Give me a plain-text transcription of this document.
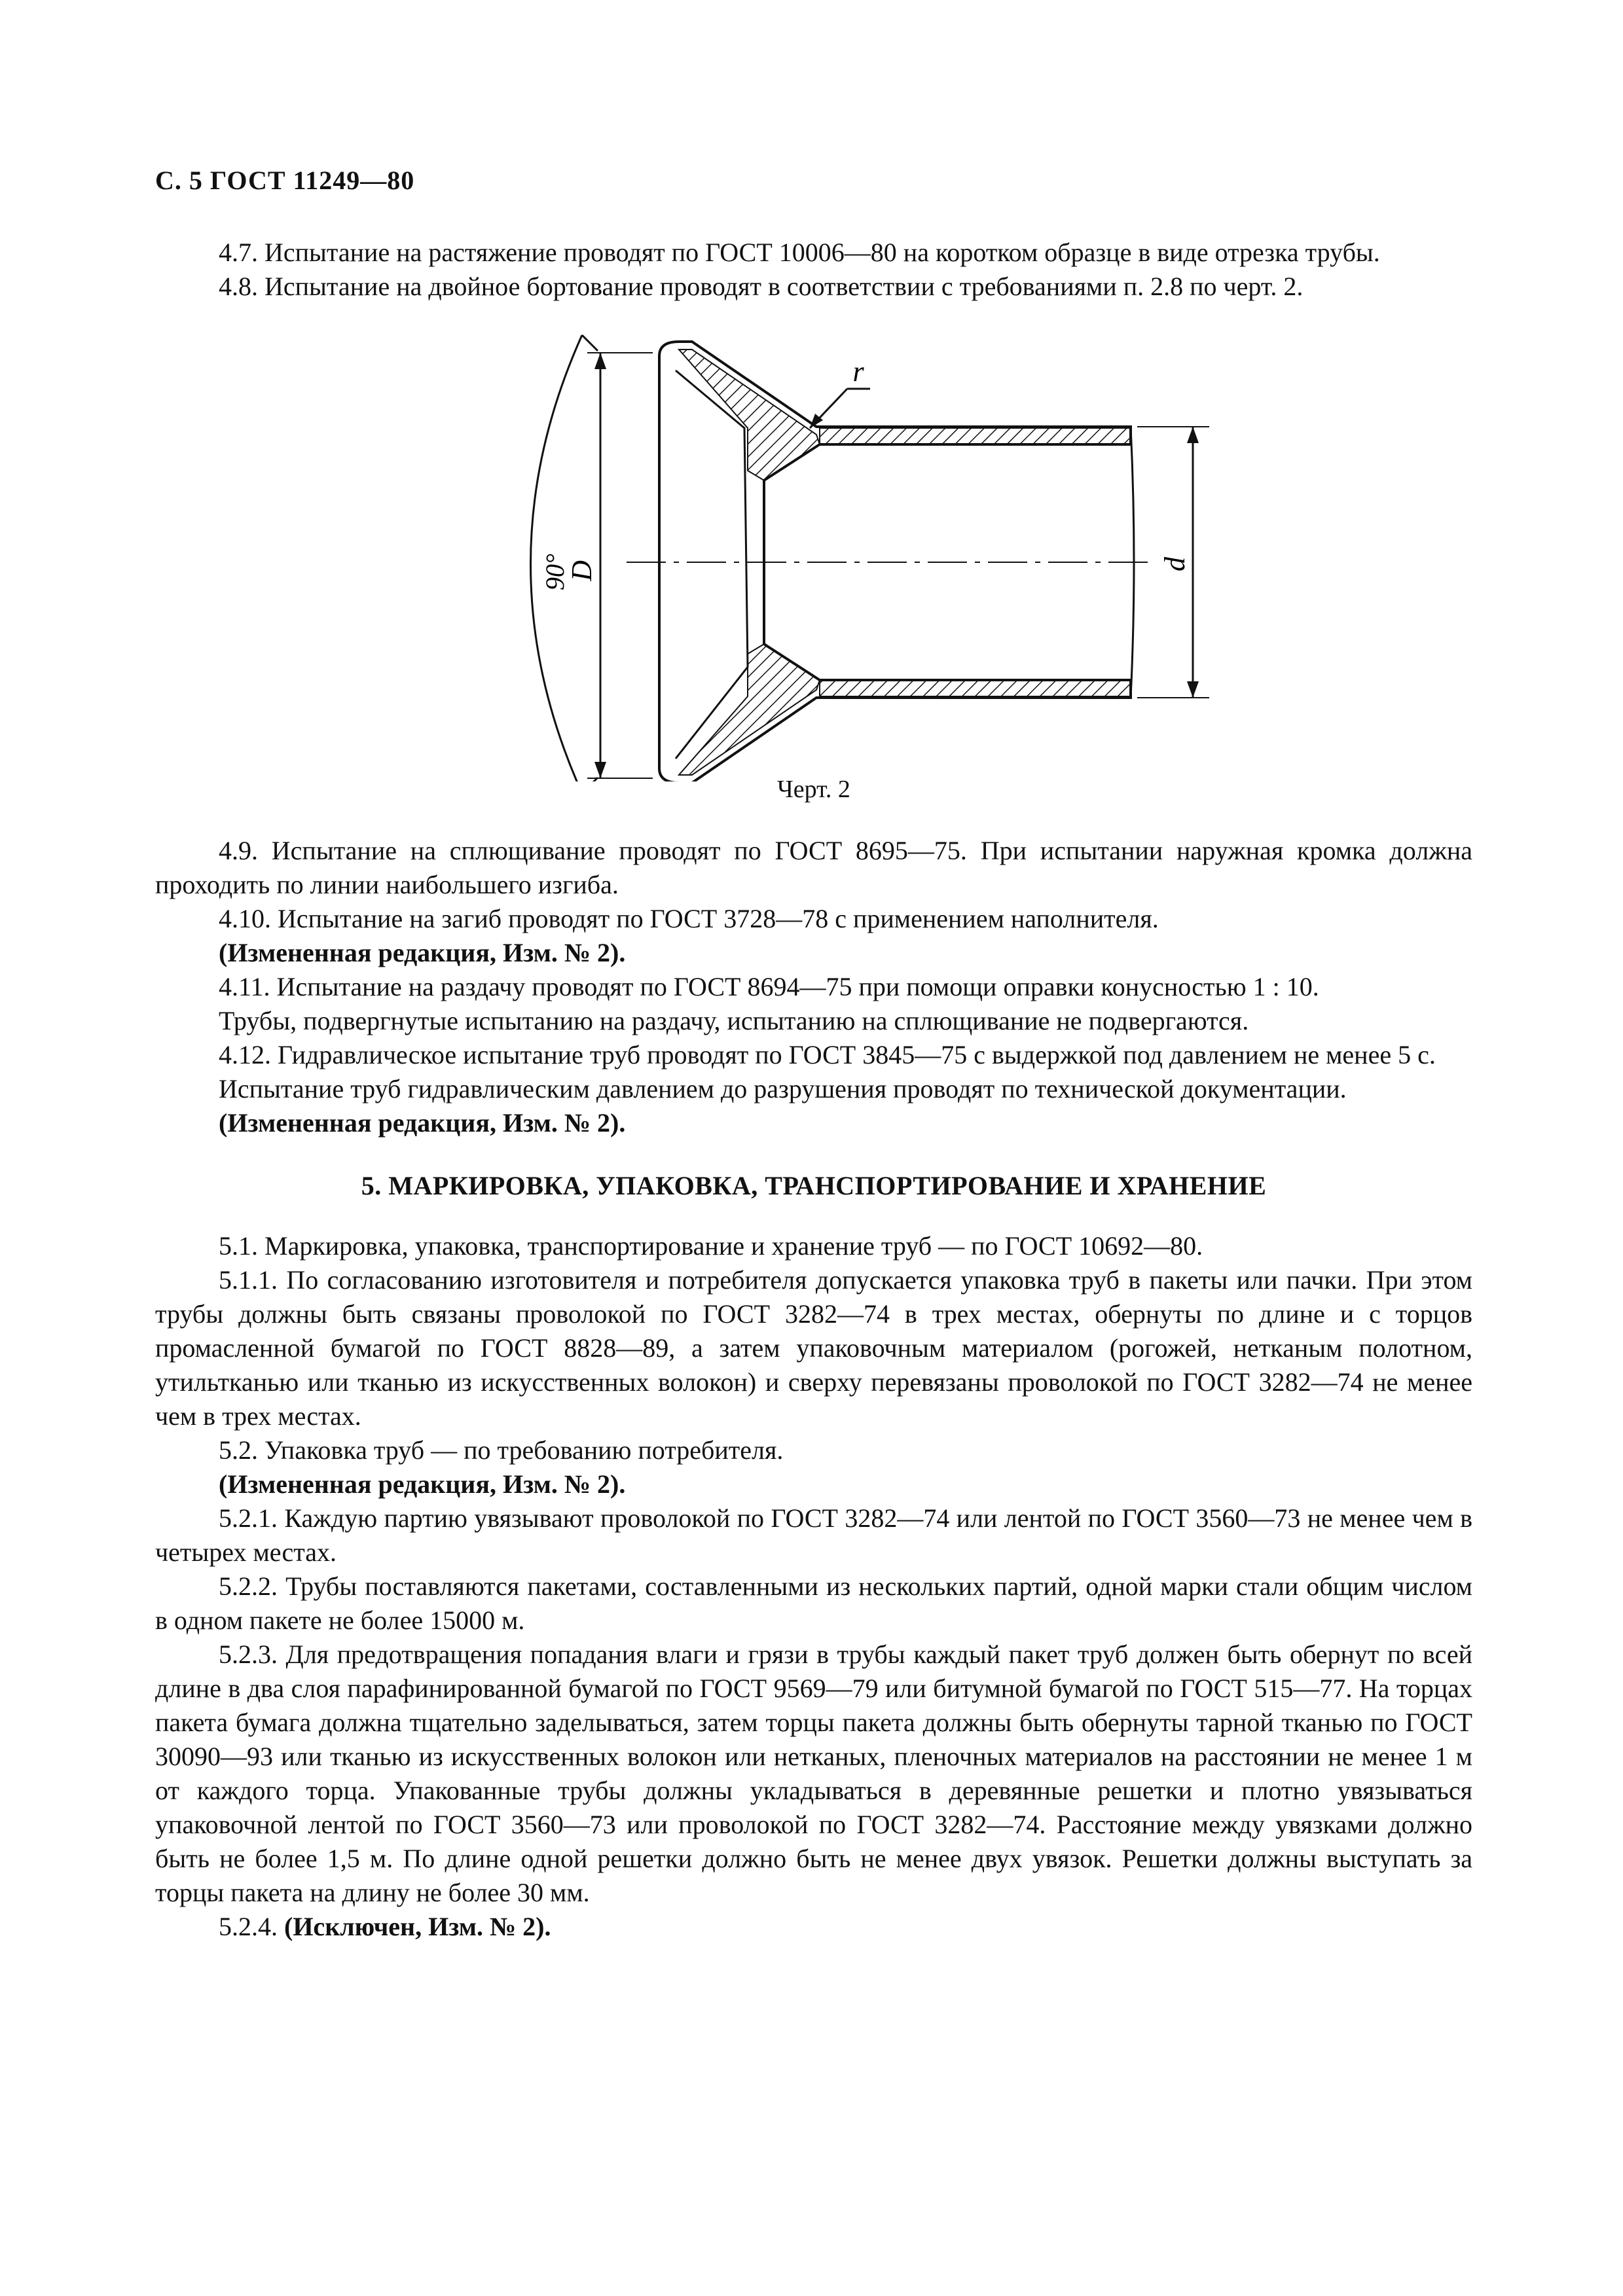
С. 5 ГОСТ 11249—80

4.7. Испытание на растяжение проводят по ГОСТ 10006—80 на коротком образце в виде отрезка трубы.

4.8. Испытание на двойное бортование проводят в соответствии с требованиями п. 2.8 по черт. 2.

90°
D	d
r
Черт. 2

4.9. Испытание на сплющивание проводят по ГОСТ 8695—75. При испытании наружная кромка должна проходить по линии наибольшего изгиба.

4.10. Испытание на загиб проводят по ГОСТ 3728—78 с применением наполнителя.

(Измененная редакция, Изм. № 2).

4.11. Испытание на раздачу проводят по ГОСТ 8694—75 при помощи оправки конусностью 1 : 10.

Трубы, подвергнутые испытанию на раздачу, испытанию на сплющивание не подвергаются.

4.12. Гидравлическое испытание труб проводят по ГОСТ 3845—75 с выдержкой под давлением не менее 5 с.

Испытание труб гидравлическим давлением до разрушения проводят по технической документации.

(Измененная редакция, Изм. № 2).

5. МАРКИРОВКА, УПАКОВКА, ТРАНСПОРТИРОВАНИЕ И ХРАНЕНИЕ

5.1. Маркировка, упаковка, транспортирование и хранение труб — по ГОСТ 10692—80.

5.1.1. По согласованию изготовителя и потребителя допускается упаковка труб в пакеты или пачки. При этом трубы должны быть связаны проволокой по ГОСТ 3282—74 в трех местах, обернуты по длине и с торцов промасленной бумагой по ГОСТ 8828—89, а затем упаковочным материалом (рогожей, нетканым полотном, утильтканью или тканью из искусственных волокон) и сверху перевязаны проволокой по ГОСТ 3282—74 не менее чем в трех местах.

5.2. Упаковка труб — по требованию потребителя.

(Измененная редакция, Изм. № 2).

5.2.1. Каждую партию увязывают проволокой по ГОСТ 3282—74 или лентой по ГОСТ 3560—73 не менее чем в четырех местах.

5.2.2. Трубы поставляются пакетами, составленными из нескольких партий, одной марки стали общим числом в одном пакете не более 15000 м.

5.2.3. Для предотвращения попадания влаги и грязи в трубы каждый пакет труб должен быть обернут по всей длине в два слоя парафинированной бумагой по ГОСТ 9569—79 или битумной бумагой по ГОСТ 515—77. На торцах пакета бумага должна тщательно заделываться, затем торцы пакета должны быть обернуты тарной тканью по ГОСТ 30090—93 или тканью из искусственных волокон или нетканых, пленочных материалов на расстоянии не менее 1 м от каждого торца. Упакованные трубы должны укладываться в деревянные решетки и плотно увязываться упаковочной лентой по ГОСТ 3560—73 или проволокой по ГОСТ 3282—74. Расстояние между увязками должно быть не более 1,5 м. По длине одной решетки должно быть не менее двух увязок. Решетки должны выступать за торцы пакета на длину не более 30 мм.

5.2.4. (Исключен, Изм. № 2).
